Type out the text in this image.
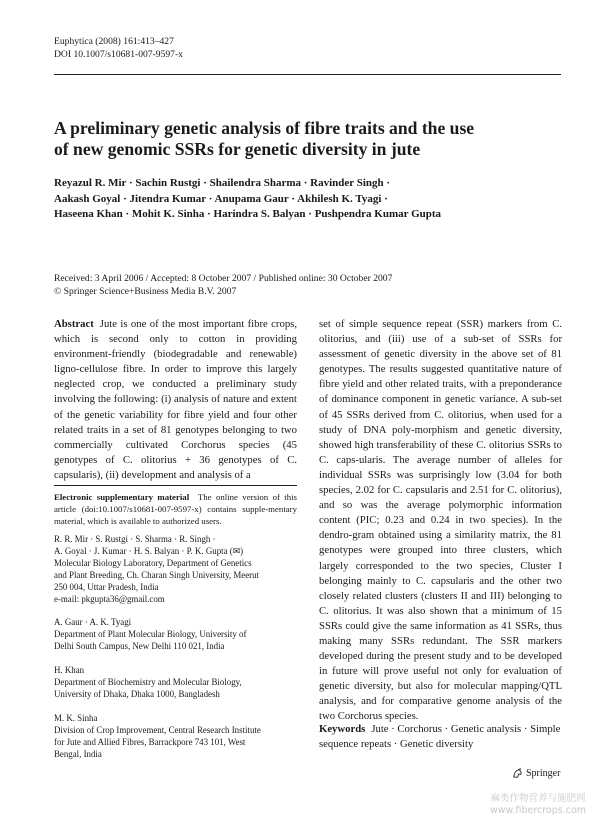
Euphytica (2008) 161:413–427
DOI 10.1007/s10681-007-9597-x
A preliminary genetic analysis of fibre traits and the use
of new genomic SSRs for genetic diversity in jute
Reyazul R. Mir · Sachin Rustgi · Shailendra Sharma · Ravinder Singh ·
Aakash Goyal · Jitendra Kumar · Anupama Gaur · Akhilesh K. Tyagi ·
Haseena Khan · Mohit K. Sinha · Harindra S. Balyan · Pushpendra Kumar Gupta
Received: 3 April 2006 / Accepted: 8 October 2007 / Published online: 30 October 2007
© Springer Science+Business Media B.V. 2007

Abstract Jute is one of the most important fibre crops, which is second only to cotton in providing environment-friendly (biodegradable and renewable) ligno-cellulose fibre. In order to improve this largely neglected crop, we conducted a preliminary study involving the following: (i) analysis of nature and extent of the genetic variability for fibre yield and four other related traits in a set of 81 genotypes belonging to two commercially cultivated Corchorus species (45 genotypes of C. olitorius + 36 genotypes of C. capsularis), (ii) development and analysis of a

Electronic supplementary material The online version of this article (doi:10.1007/s10681-007-9597-x) contains supple-mentary material, which is available to authorized users.
R. R. Mir · S. Rustgi · S. Sharma · R. Singh ·
A. Goyal · J. Kumar · H. S. Balyan · P. K. Gupta (✉)
Molecular Biology Laboratory, Department of Genetics
and Plant Breeding, Ch. Charan Singh University, Meerut
250 004, Uttar Pradesh, India
e-mail: pkgupta36@gmail.com
A. Gaur · A. K. Tyagi
Department of Plant Molecular Biology, University of
Delhi South Campus, New Delhi 110 021, India
H. Khan
Department of Biochemistry and Molecular Biology,
University of Dhaka, Dhaka 1000, Bangladesh
M. K. Sinha
Division of Crop Improvement, Central Research Institute
for Jute and Allied Fibres, Barrackpore 743 101, West
Bengal, India

set of simple sequence repeat (SSR) markers from C. olitorius, and (iii) use of a sub-set of SSRs for assessment of genetic diversity in the above set of 81 genotypes. The results suggested quantitative nature of fibre yield and other related traits, with a preponderance of dominance component in genetic variance. A sub-set of 45 SSRs derived from C. olitorius, when used for a study of DNA poly-morphism and genetic diversity, showed high transferability of these C. olitorius SSRs to C. caps-ularis. The average number of alleles for individual SSRs was surprisingly low (3.04 for both species, 2.02 for C. capsularis and 2.51 for C. olitorius), and so was the average polymorphic information content (PIC; 0.23 and 0.24 in two species). In the dendro-gram obtained using a similarity matrix, the 81 genotypes were grouped into three clusters, which largely corresponded to the two species, Cluster I belonging mainly to C. capsularis and the other two closely related clusters (clusters II and III) belonging to C. olitorius. It was also shown that a minimum of 15 SSRs could give the same information as 41 SSRs, thus making many SSRs redundant. The SSR markers developed during the present study and to be developed in future will prove useful not only for evaluation of genetic diversity, but also for molecular mapping/QTL analysis, and for comparative genome analysis of the two Corchorus species.

Keywords Jute · Corchorus · Genetic analysis · Simple sequence repeats · Genetic diversity
Springer
麻类作物营养与施肥网
www.fibercrops.com
